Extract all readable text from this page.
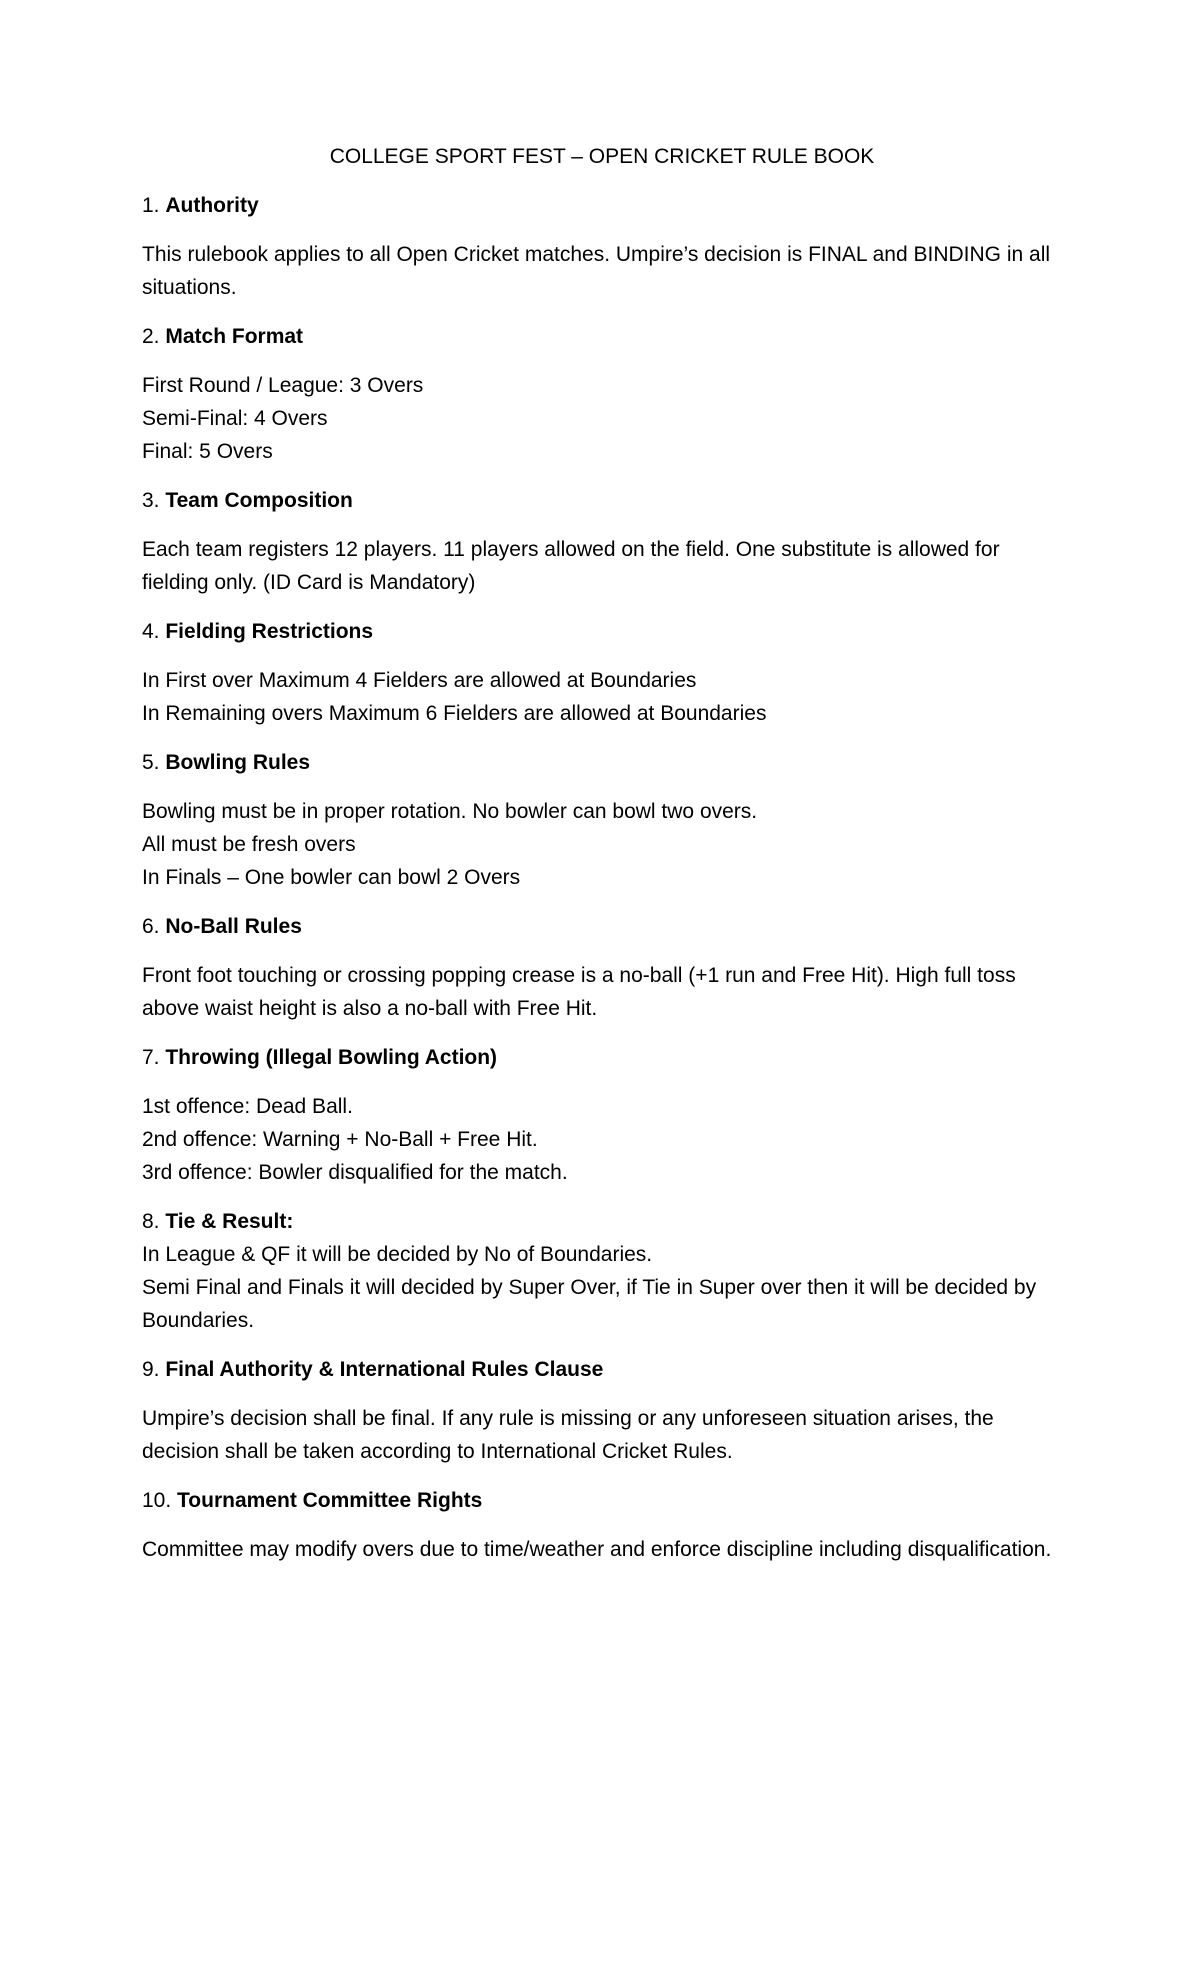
COLLEGE SPORT FEST – OPEN CRICKET RULE BOOK
1. Authority
This rulebook applies to all Open Cricket matches. Umpire’s decision is FINAL and BINDING in all situations.
2. Match Format
First Round / League: 3 Overs
Semi-Final: 4 Overs
Final: 5 Overs
3. Team Composition
Each team registers 12 players. 11 players allowed on the field. One substitute is allowed for fielding only. (ID Card is Mandatory)
4. Fielding Restrictions
In First over Maximum 4 Fielders are allowed at Boundaries
In Remaining overs Maximum 6 Fielders are allowed at Boundaries
5. Bowling Rules
Bowling must be in proper rotation. No bowler can bowl two overs.
All must be fresh overs
In Finals – One bowler can bowl 2 Overs
6. No-Ball Rules
Front foot touching or crossing popping crease is a no-ball (+1 run and Free Hit). High full toss above waist height is also a no-ball with Free Hit.
7. Throwing (Illegal Bowling Action)
1st offence: Dead Ball.
2nd offence: Warning + No-Ball + Free Hit.
3rd offence: Bowler disqualified for the match.
8. Tie & Result:
In League & QF it will be decided by No of Boundaries.
Semi Final and Finals it will decided by Super Over, if Tie in Super over then it will be decided by Boundaries.
9. Final Authority & International Rules Clause
Umpire’s decision shall be final. If any rule is missing or any unforeseen situation arises, the decision shall be taken according to International Cricket Rules.
10. Tournament Committee Rights
Committee may modify overs due to time/weather and enforce discipline including disqualification.
